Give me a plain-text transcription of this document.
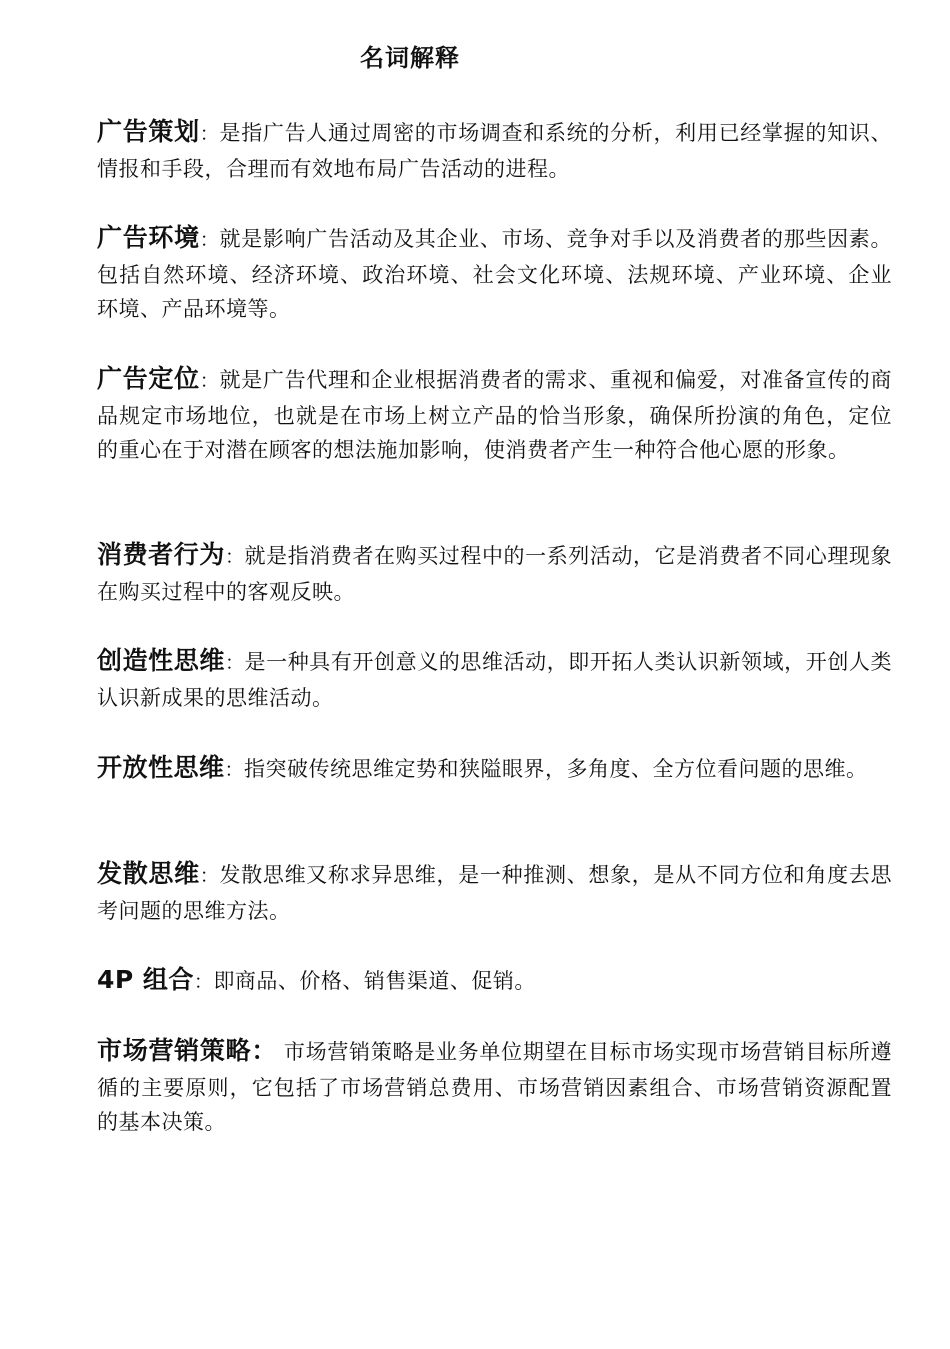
名词解释
广告策划：是指广告人通过周密的市场调查和系统的分析，利用已经掌握的知识、情报和手段，合理而有效地布局广告活动的进程。
广告环境：就是影响广告活动及其企业、市场、竞争对手以及消费者的那些因素。包括自然环境、经济环境、政治环境、社会文化环境、法规环境、产业环境、企业环境、产品环境等。
广告定位：就是广告代理和企业根据消费者的需求、重视和偏爱，对准备宣传的商品规定市场地位，也就是在市场上树立产品的恰当形象，确保所扮演的角色，定位的重心在于对潜在顾客的想法施加影响，使消费者产生一种符合他心愿的形象。
消费者行为：就是指消费者在购买过程中的一系列活动，它是消费者不同心理现象在购买过程中的客观反映。
创造性思维：是一种具有开创意义的思维活动，即开拓人类认识新领域，开创人类认识新成果的思维活动。
开放性思维：指突破传统思维定势和狭隘眼界，多角度、全方位看问题的思维。
发散思维：发散思维又称求异思维，是一种推测、想象，是从不同方位和角度去思考问题的思维方法。
4P 组合：即商品、价格、销售渠道、促销。
市场营销策略： 市场营销策略是业务单位期望在目标市场实现市场营销目标所遵循的主要原则，它包括了市场营销总费用、市场营销因素组合、市场营销资源配置的基本决策。
